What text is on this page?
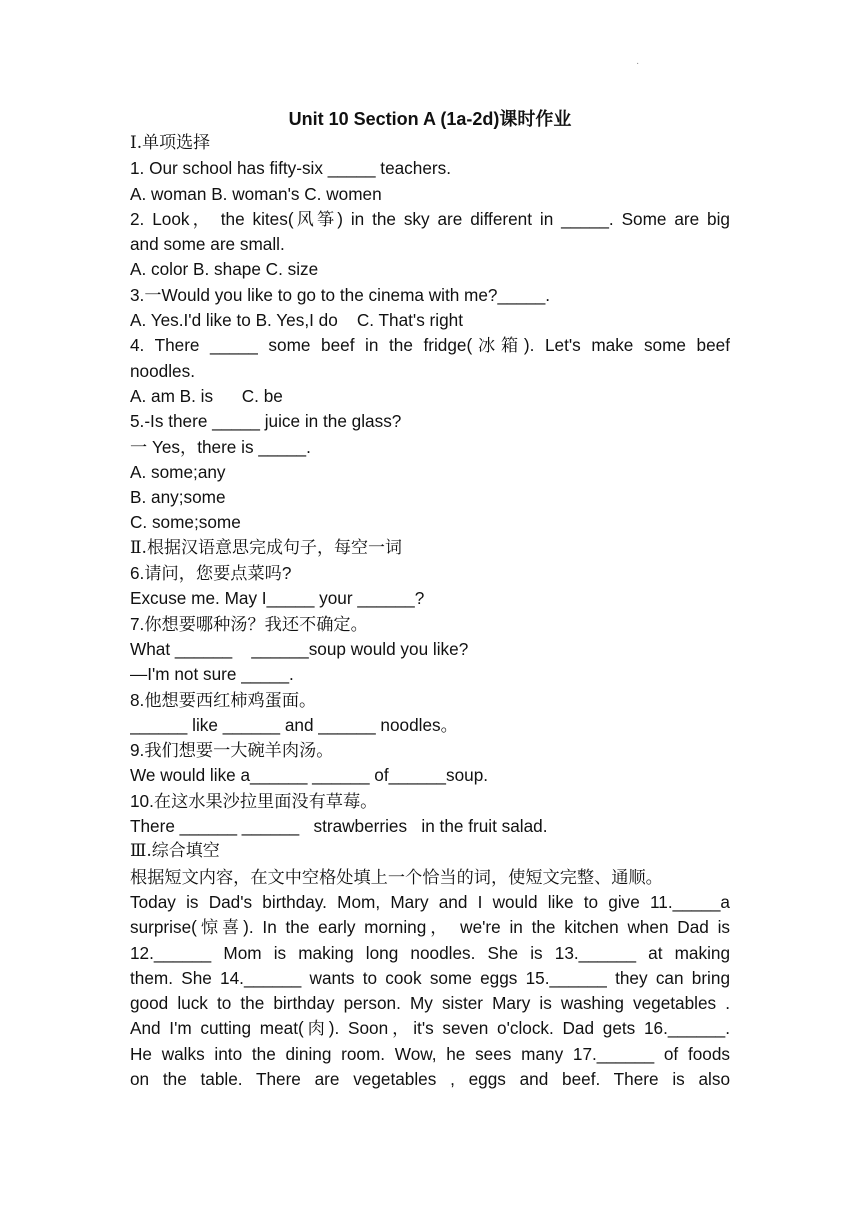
·
Unit 10 Section A (1a-2d)课时作业
Ⅰ.单项选择
1. Our school has fifty-six _____ teachers.
A. woman B. woman's C. women
2. Look， the kites(风筝) in the sky are different in _____. Some are big
and some are small.
A. color B. shape C. size
3.一Would you like to go to the cinema with me?_____.
A. Yes.I'd like to B. Yes,I do    C. That's right
4. There _____ some beef in the fridge(冰箱). Let's make some beef
noodles.
A. am B. is      C. be
5.-Is there _____ juice in the glass?
一 Yes，there is _____.
A. some;any
B. any;some
C. some;some
Ⅱ.根据汉语意思完成句子，每空一词
6.请问，您要点菜吗?
Excuse me. May I_____ your ______?
7.你想要哪种汤？我还不确定。
What ______    ______soup would you like?
—I'm not sure _____.
8.他想要西红柿鸡蛋面。
______ like ______ and ______ noodles。
9.我们想要一大碗羊肉汤。
We would like a______ ______ of______soup.
10.在这水果沙拉里面没有草莓。
There ______ ______   strawberries   in the fruit salad.
Ⅲ.综合填空
根据短文内容，在文中空格处填上一个恰当的词，使短文完整、通顺。
Today is Dad's birthday. Mom, Mary and I would like to give 11._____a
surprise(惊喜). In the early morning， we're in the kitchen when Dad is
12.______ Mom is making long noodles. She is 13.______ at making
them. She 14.______ wants to cook some eggs 15.______ they can bring
good luck to the birthday person. My sister Mary is washing vegetables .
And I'm cutting meat(肉). Soon，it's seven o'clock. Dad gets 16.______.
He walks into the dining room. Wow, he sees many 17.______ of foods
on the table. There are vegetables , eggs and beef. There is also
